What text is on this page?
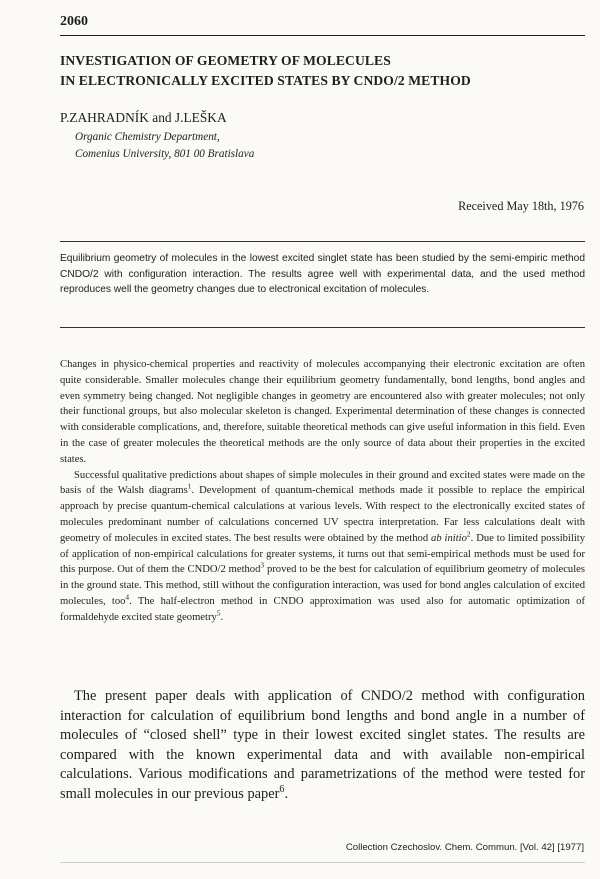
2060
INVESTIGATION OF GEOMETRY OF MOLECULES
IN ELECTRONICALLY EXCITED STATES BY CNDO/2 METHOD
P.ZAHRADNÍK and J.LEŠKA
Organic Chemistry Department,
Comenius University, 801 00 Bratislava
Received May 18th, 1976
Equilibrium geometry of molecules in the lowest excited singlet state has been studied by the semi-empiric method CNDO/2 with configuration interaction. The results agree well with experimental data, and the used method reproduces well the geometry changes due to electronical excitation of molecules.

Changes in physico-chemical properties and reactivity of molecules accompanying their electronic excitation are often quite considerable. Smaller molecules change their equilibrium geometry fundamentally, bond lengths, bond angles and even symmetry being changed. Not negligible changes in geometry are encountered also with greater molecules; not only their functional groups, but also molecular skeleton is changed. Experimental determination of these changes is connected with considerable complications, and, therefore, suitable theoretical methods can give useful information in this field. Even in the case of greater molecules the theoretical methods are the only source of data about their properties in the excited states.

Successful qualitative predictions about shapes of simple molecules in their ground and excited states were made on the basis of the Walsh diagrams$^1$. Development of quantum-chemical methods made it possible to replace the empirical approach by precise quantum-chemical calculations at various levels. With respect to the electronically excited states of molecules predominant number of calculations concerned UV spectra interpretation. Far less calculations dealt with geometry of molecules in excited states. The best results were obtained by the method ab initio$^2$. Due to limited possibility of application of non-empirical calculations for greater systems, it turns out that semi-empirical methods must be used for this purpose. Out of them the CNDO/2 method$^3$ proved to be the best for calculation of equilibrium geometry of molecules in the ground state. This method, still without the configuration interaction, was used for bond angles calculation of excited molecules, too$^4$. The half-electron method in CNDO approximation was used also for automatic optimization of formaldehyde excited state geometry$^5$.

The present paper deals with application of CNDO/2 method with configuration interaction for calculation of equilibrium bond lengths and bond angle in a number of molecules of “closed shell” type in their lowest excited singlet states. The results are compared with the known experimental data and with available non-empirical calculations. Various modifications and parametrizations of the method were tested for small molecules in our previous paper$^6$.
Collection Czechoslov. Chem. Commun. [Vol. 42] [1977]
